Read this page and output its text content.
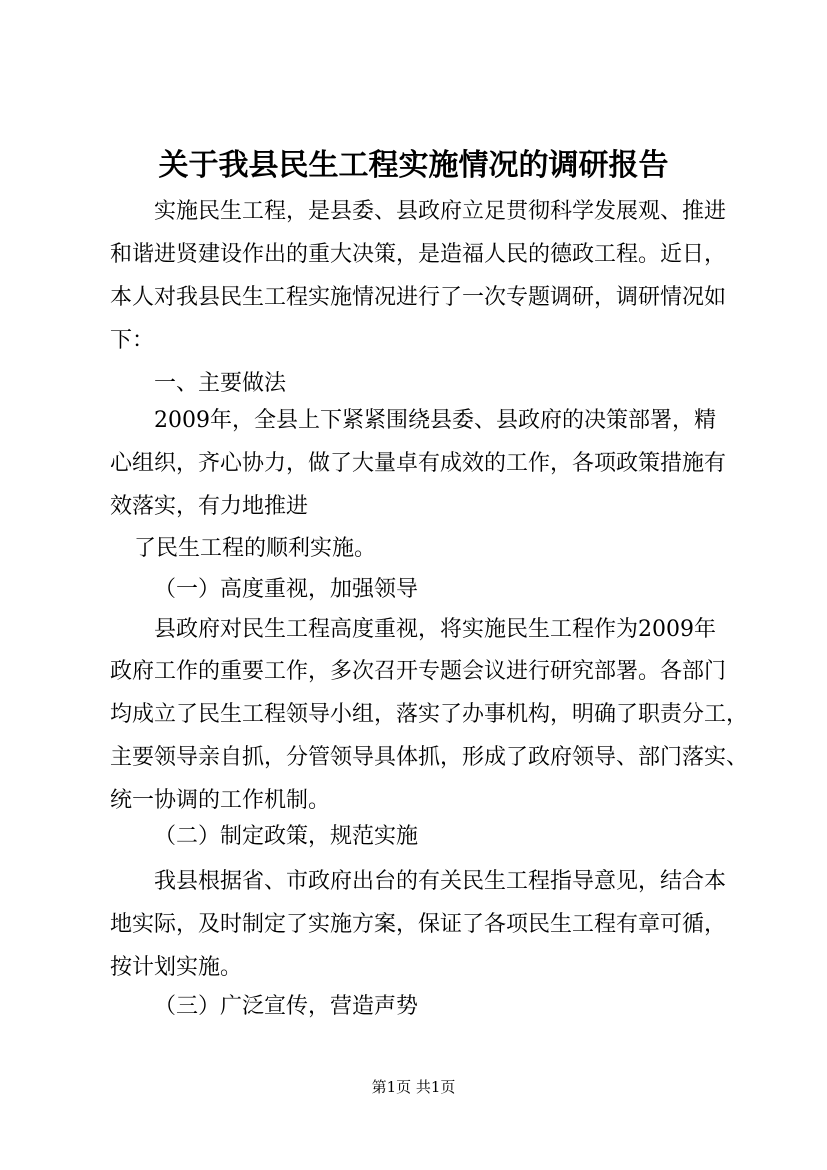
关于我县民生工程实施情况的调研报告
实施民生工程，是县委、县政府立足贯彻科学发展观、推进
和谐进贤建设作出的重大决策，是造福人民的德政工程。近日，
本人对我县民生工程实施情况进行了一次专题调研，调研情况如
下：
一、主要做法
2009年，全县上下紧紧围绕县委、县政府的决策部署，精
心组织，齐心协力，做了大量卓有成效的工作，各项政策措施有
效落实，有力地推进
了民生工程的顺利实施。
（一）高度重视，加强领导
县政府对民生工程高度重视，将实施民生工程作为2009年
政府工作的重要工作，多次召开专题会议进行研究部署。各部门
均成立了民生工程领导小组，落实了办事机构，明确了职责分工，
主要领导亲自抓，分管领导具体抓，形成了政府领导、部门落实、
统一协调的工作机制。
（二）制定政策，规范实施
我县根据省、市政府出台的有关民生工程指导意见，结合本
地实际，及时制定了实施方案，保证了各项民生工程有章可循，
按计划实施。
（三）广泛宣传，营造声势
第1页 共1页
